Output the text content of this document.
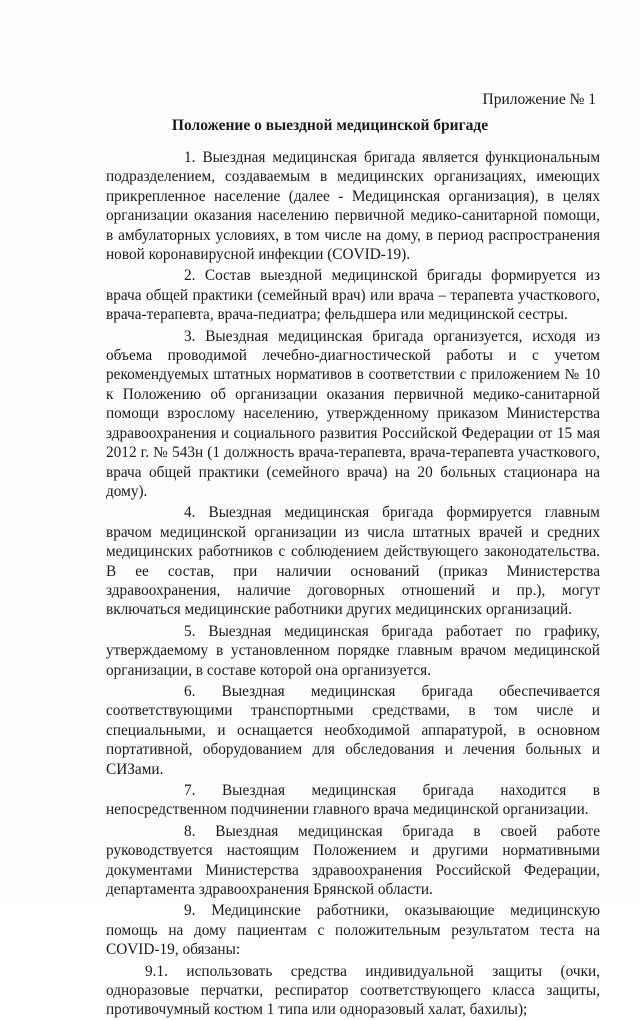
Приложение № 1
Положение о выездной медицинской бригаде

1. Выездная медицинская бригада является функциональным подразделением, создаваемым в медицинских организациях, имеющих прикрепленное население (далее - Медицинская организация), в целях организации оказания населению первичной медико-санитарной помощи, в амбулаторных условиях, в том числе на дому, в период распространения новой коронавирусной инфекции (COVID-19).

2. Состав выездной медицинской бригады формируется из врача общей практики (семейный врач) или врача – терапевта участкового, врача-терапевта, врача-педиатра; фельдшера или медицинской сестры.

3. Выездная медицинская бригада организуется, исходя из объема проводимой лечебно-диагностической работы и с учетом рекомендуемых штатных нормативов в соответствии с приложением № 10 к Положению об организации оказания первичной медико-санитарной помощи взрослому населению, утвержденному приказом Министерства здравоохранения и социального развития Российской Федерации от 15 мая 2012 г. № 543н (1 должность врача-терапевта, врача-терапевта участкового, врача общей практики (семейного врача) на 20 больных стационара на дому).

4. Выездная медицинская бригада формируется главным врачом медицинской организации из числа штатных врачей и средних медицинских работников с соблюдением действующего законодательства. В ее состав, при наличии оснований (приказ Министерства здравоохранения, наличие договорных отношений и пр.), могут включаться медицинские работники других медицинских организаций.

5. Выездная медицинская бригада работает по графику, утверждаемому в установленном порядке главным врачом медицинской организации, в составе которой она организуется.

6. Выездная медицинская бригада обеспечивается соответствующими транспортными средствами, в том числе и специальными, и оснащается необходимой аппаратурой, в основном портативной, оборудованием для обследования и лечения больных и СИЗами.

7. Выездная медицинская бригада находится в непосредственном подчинении главного врача медицинской организации.

8. Выездная медицинская бригада в своей работе руководствуется настоящим Положением и другими нормативными документами Министерства здравоохранения Российской Федерации, департамента здравоохранения Брянской области.

9. Медицинские работники, оказывающие медицинскую помощь на дому пациентам с положительным результатом теста на COVID-19, обязаны:

9.1. использовать средства индивидуальной защиты (очки, одноразовые перчатки, респиратор соответствующего класса защиты, противочумный костюм 1 типа или одноразовый халат, бахилы);
